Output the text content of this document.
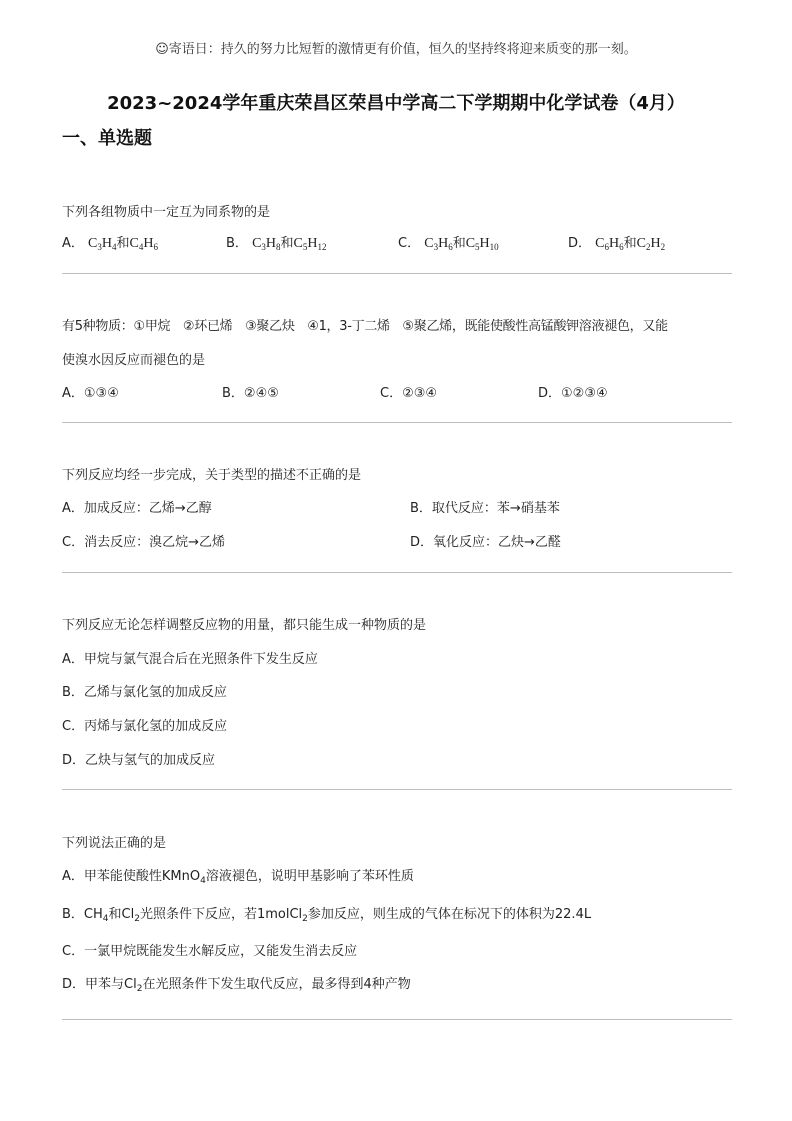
☺寄语日：持久的努力比短暂的激情更有价值，恒久的坚持终将迎来质变的那一刻。
2023~2024学年重庆荣昌区荣昌中学高二下学期期中化学试卷（4月）
一、单选题
下列各组物质中一定互为同系物的是
A． $C_3H_4$和$C_4H_6$	B． $C_3H_8$和$C_5H_{12}$	C． $C_3H_6$和$C_5H_{10}$	D． $C_6H_6$和$C_2H_2$
有5种物质：①甲烷　②环已烯　③聚乙炔　④1，3-丁二烯　⑤聚乙烯，既能使酸性高锰酸钾溶液褪色，又能
使溴水因反应而褪色的是
A．①③④	B．②④⑤	C．②③④	D．①②③④
下列反应均经一步完成，关于类型的描述不正确的是
A．加成反应：乙烯→乙醇	B．取代反应：苯→硝基苯
C．消去反应：溴乙烷→乙烯	D．氧化反应：乙炔→乙醛
下列反应无论怎样调整反应物的用量，都只能生成一种物质的是
A．甲烷与氯气混合后在光照条件下发生反应
B．乙烯与氯化氢的加成反应
C．丙烯与氯化氢的加成反应
D．乙炔与氢气的加成反应
下列说法正确的是
A．甲苯能使酸性KMnO$_4$溶液褪色，说明甲基影响了苯环性质
B．$CH_4$和$Cl_2$光照条件下反应，若1molCl$_2$参加反应，则生成的气体在标况下的体积为22.4L
C．一氯甲烷既能发生水解反应，又能发生消去反应
D．甲苯与$Cl_2$在光照条件下发生取代反应，最多得到4种产物
